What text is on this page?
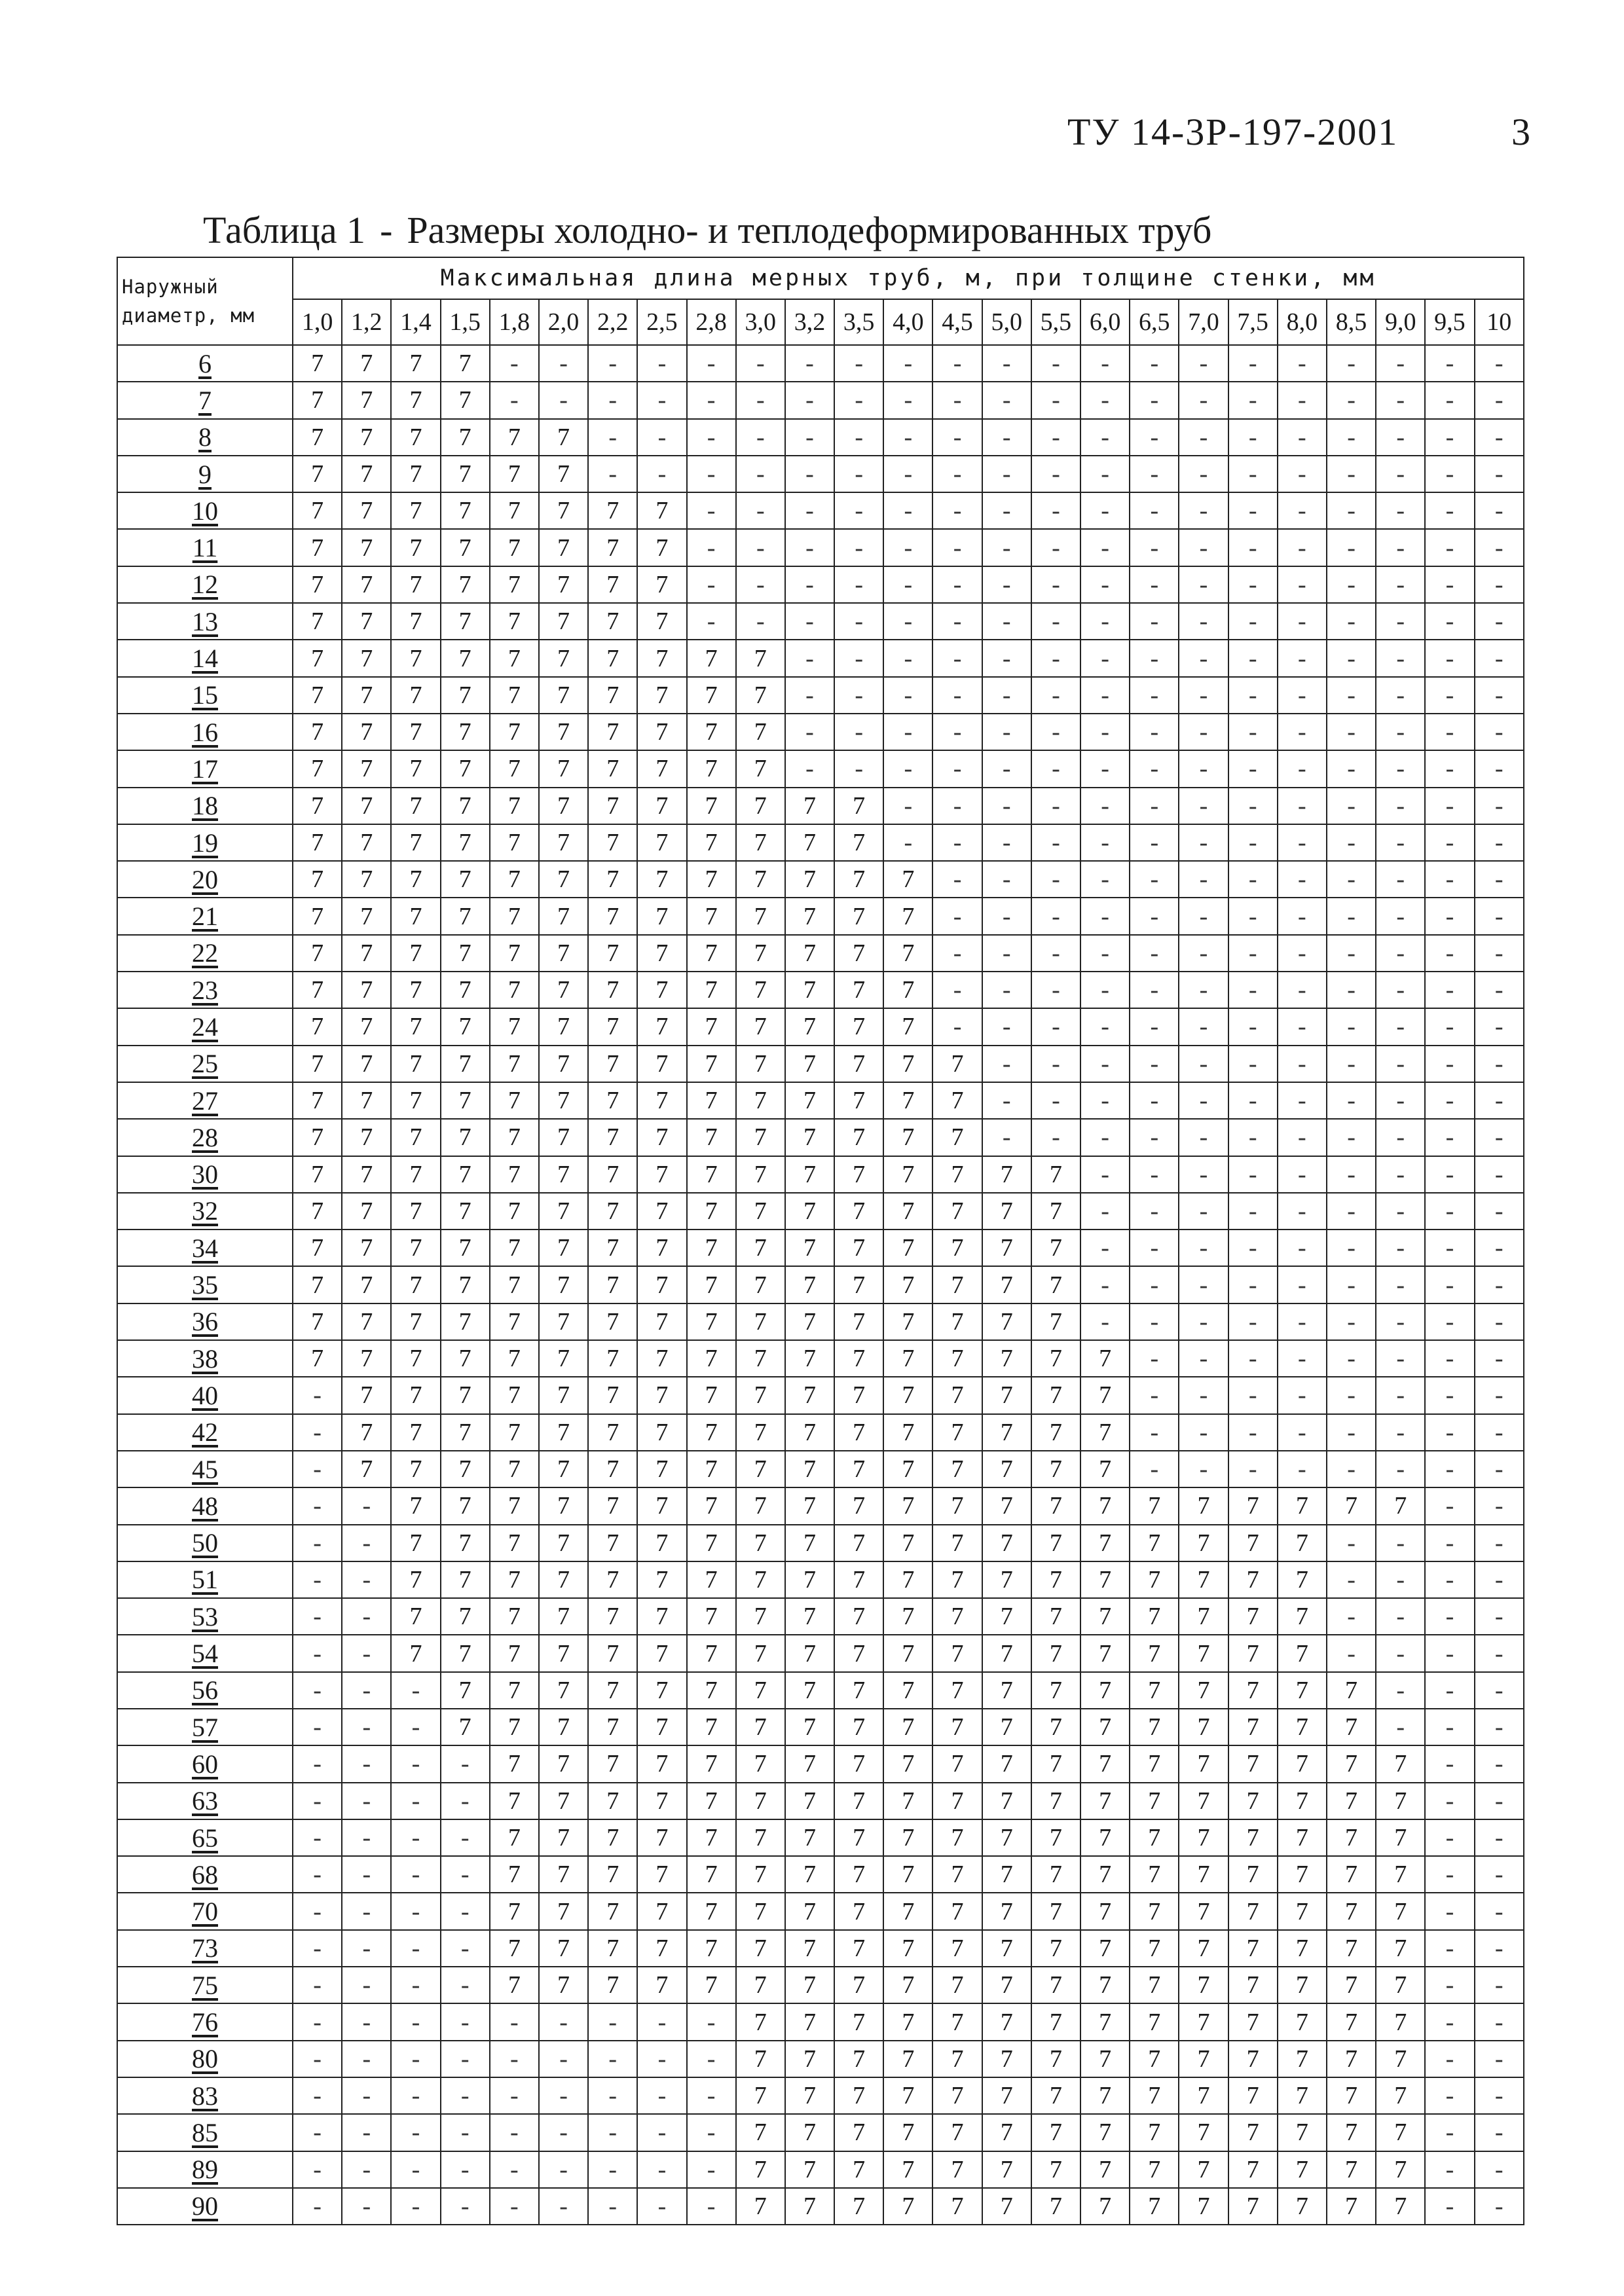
ТУ 14-3Р-197-2001	3
Таблица 1 - Размеры холодно- и теплодеформированных труб
Наружный диаметр, мм	Максимальная длина мерных труб, м, при толщине стенки, мм																								
	1,0	1,2	1,4	1,5	1,8	2,0	2,2	2,5	2,8	3,0	3,2	3,5	4,0	4,5	5,0	5,5	6,0	6,5	7,0	7,5	8,0	8,5	9,0	9,5	10
6	7	7	7	7	-	-	-	-	-	-	-	-	-	-	-	-	-	-	-	-	-	-	-	-	-
7	7	7	7	7	-	-	-	-	-	-	-	-	-	-	-	-	-	-	-	-	-	-	-	-	-
8	7	7	7	7	7	7	-	-	-	-	-	-	-	-	-	-	-	-	-	-	-	-	-	-	-
9	7	7	7	7	7	7	-	-	-	-	-	-	-	-	-	-	-	-	-	-	-	-	-	-	-
10	7	7	7	7	7	7	7	7	-	-	-	-	-	-	-	-	-	-	-	-	-	-	-	-	-
11	7	7	7	7	7	7	7	7	-	-	-	-	-	-	-	-	-	-	-	-	-	-	-	-	-
12	7	7	7	7	7	7	7	7	-	-	-	-	-	-	-	-	-	-	-	-	-	-	-	-	-
13	7	7	7	7	7	7	7	7	-	-	-	-	-	-	-	-	-	-	-	-	-	-	-	-	-
14	7	7	7	7	7	7	7	7	7	7	-	-	-	-	-	-	-	-	-	-	-	-	-	-	-
15	7	7	7	7	7	7	7	7	7	7	-	-	-	-	-	-	-	-	-	-	-	-	-	-	-
16	7	7	7	7	7	7	7	7	7	7	-	-	-	-	-	-	-	-	-	-	-	-	-	-	-
17	7	7	7	7	7	7	7	7	7	7	-	-	-	-	-	-	-	-	-	-	-	-	-	-	-
18	7	7	7	7	7	7	7	7	7	7	7	7	-	-	-	-	-	-	-	-	-	-	-	-	-
19	7	7	7	7	7	7	7	7	7	7	7	7	-	-	-	-	-	-	-	-	-	-	-	-	-
20	7	7	7	7	7	7	7	7	7	7	7	7	7	-	-	-	-	-	-	-	-	-	-	-	-
21	7	7	7	7	7	7	7	7	7	7	7	7	7	-	-	-	-	-	-	-	-	-	-	-	-
22	7	7	7	7	7	7	7	7	7	7	7	7	7	-	-	-	-	-	-	-	-	-	-	-	-
23	7	7	7	7	7	7	7	7	7	7	7	7	7	-	-	-	-	-	-	-	-	-	-	-	-
24	7	7	7	7	7	7	7	7	7	7	7	7	7	-	-	-	-	-	-	-	-	-	-	-	-
25	7	7	7	7	7	7	7	7	7	7	7	7	7	7	-	-	-	-	-	-	-	-	-	-	-
27	7	7	7	7	7	7	7	7	7	7	7	7	7	7	-	-	-	-	-	-	-	-	-	-	-
28	7	7	7	7	7	7	7	7	7	7	7	7	7	7	-	-	-	-	-	-	-	-	-	-	-
30	7	7	7	7	7	7	7	7	7	7	7	7	7	7	7	7	-	-	-	-	-	-	-	-	-
32	7	7	7	7	7	7	7	7	7	7	7	7	7	7	7	7	-	-	-	-	-	-	-	-	-
34	7	7	7	7	7	7	7	7	7	7	7	7	7	7	7	7	-	-	-	-	-	-	-	-	-
35	7	7	7	7	7	7	7	7	7	7	7	7	7	7	7	7	-	-	-	-	-	-	-	-	-
36	7	7	7	7	7	7	7	7	7	7	7	7	7	7	7	7	-	-	-	-	-	-	-	-	-
38	7	7	7	7	7	7	7	7	7	7	7	7	7	7	7	7	7	-	-	-	-	-	-	-	-
40	-	7	7	7	7	7	7	7	7	7	7	7	7	7	7	7	7	-	-	-	-	-	-	-	-
42	-	7	7	7	7	7	7	7	7	7	7	7	7	7	7	7	7	-	-	-	-	-	-	-	-
45	-	7	7	7	7	7	7	7	7	7	7	7	7	7	7	7	7	-	-	-	-	-	-	-	-
48	-	-	7	7	7	7	7	7	7	7	7	7	7	7	7	7	7	7	7	7	7	7	7	-	-
50	-	-	7	7	7	7	7	7	7	7	7	7	7	7	7	7	7	7	7	7	7	-	-	-	-
51	-	-	7	7	7	7	7	7	7	7	7	7	7	7	7	7	7	7	7	7	7	-	-	-	-
53	-	-	7	7	7	7	7	7	7	7	7	7	7	7	7	7	7	7	7	7	7	-	-	-	-
54	-	-	7	7	7	7	7	7	7	7	7	7	7	7	7	7	7	7	7	7	7	-	-	-	-
56	-	-	-	7	7	7	7	7	7	7	7	7	7	7	7	7	7	7	7	7	7	7	-	-	-
57	-	-	-	7	7	7	7	7	7	7	7	7	7	7	7	7	7	7	7	7	7	7	-	-	-
60	-	-	-	-	7	7	7	7	7	7	7	7	7	7	7	7	7	7	7	7	7	7	7	-	-
63	-	-	-	-	7	7	7	7	7	7	7	7	7	7	7	7	7	7	7	7	7	7	7	-	-
65	-	-	-	-	7	7	7	7	7	7	7	7	7	7	7	7	7	7	7	7	7	7	7	-	-
68	-	-	-	-	7	7	7	7	7	7	7	7	7	7	7	7	7	7	7	7	7	7	7	-	-
70	-	-	-	-	7	7	7	7	7	7	7	7	7	7	7	7	7	7	7	7	7	7	7	-	-
73	-	-	-	-	7	7	7	7	7	7	7	7	7	7	7	7	7	7	7	7	7	7	7	-	-
75	-	-	-	-	7	7	7	7	7	7	7	7	7	7	7	7	7	7	7	7	7	7	7	-	-
76	-	-	-	-	-	-	-	-	-	7	7	7	7	7	7	7	7	7	7	7	7	7	7	-	-
80	-	-	-	-	-	-	-	-	-	7	7	7	7	7	7	7	7	7	7	7	7	7	7	-	-
83	-	-	-	-	-	-	-	-	-	7	7	7	7	7	7	7	7	7	7	7	7	7	7	-	-
85	-	-	-	-	-	-	-	-	-	7	7	7	7	7	7	7	7	7	7	7	7	7	7	-	-
89	-	-	-	-	-	-	-	-	-	7	7	7	7	7	7	7	7	7	7	7	7	7	7	-	-
90	-	-	-	-	-	-	-	-	-	7	7	7	7	7	7	7	7	7	7	7	7	7	7	-	-
